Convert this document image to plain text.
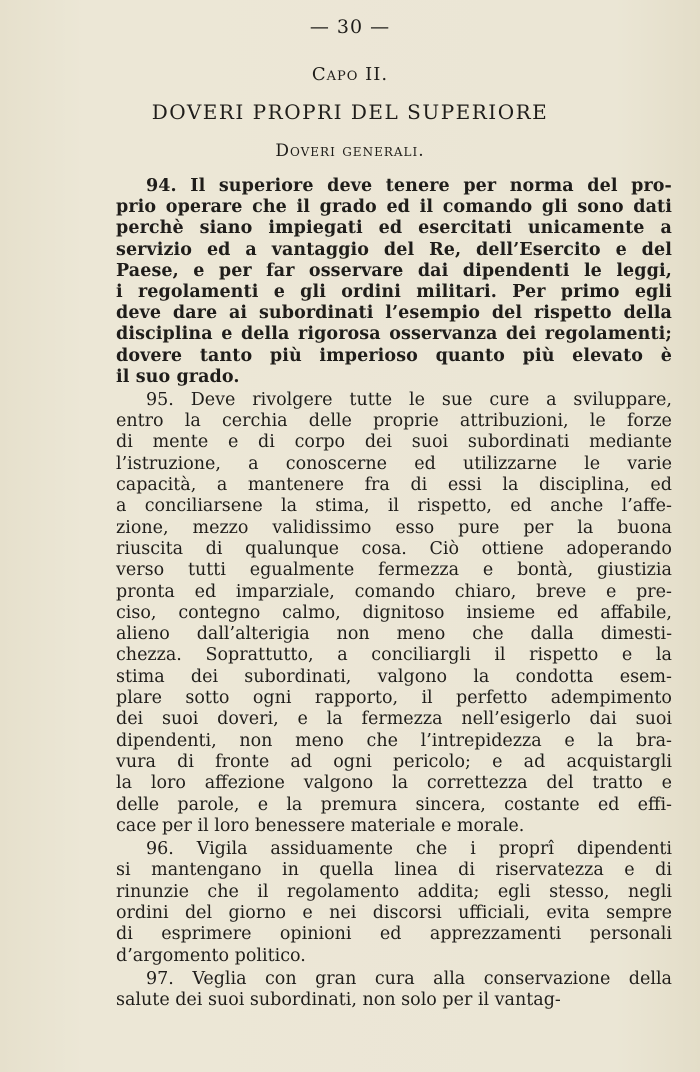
— 30 —
Capo II.
DOVERI PROPRI DEL SUPERIORE
Doveri generali.
94. Il superiore deve tenere per norma del pro-
prio operare che il grado ed il comando gli sono dati
perchè siano impiegati ed esercitati unicamente a
servizio ed a vantaggio del Re, dell’Esercito e del
Paese, e per far osservare dai dipendenti le leggi,
i regolamenti e gli ordini militari. Per primo egli
deve dare ai subordinati l’esempio del rispetto della
disciplina e della rigorosa osservanza dei regolamenti;
dovere tanto più imperioso quanto più elevato è
il suo grado.
95. Deve rivolgere tutte le sue cure a sviluppare,
entro la cerchia delle proprie attribuzioni, le forze
di mente e di corpo dei suoi subordinati mediante
l’istruzione, a conoscerne ed utilizzarne le varie
capacità, a mantenere fra di essi la disciplina, ed
a conciliarsene la stima, il rispetto, ed anche l’affe-
zione, mezzo validissimo esso pure per la buona
riuscita di qualunque cosa. Ciò ottiene adoperando
verso tutti egualmente fermezza e bontà, giustizia
pronta ed imparziale, comando chiaro, breve e pre-
ciso, contegno calmo, dignitoso insieme ed affabile,
alieno dall’alterigia non meno che dalla dimesti-
chezza. Soprattutto, a conciliargli il rispetto e la
stima dei subordinati, valgono la condotta esem-
plare sotto ogni rapporto, il perfetto adempimento
dei suoi doveri, e la fermezza nell’esigerlo dai suoi
dipendenti, non meno che l’intrepidezza e la bra-
vura di fronte ad ogni pericolo; e ad acquistargli
la loro affezione valgono la correttezza del tratto e
delle parole, e la premura sincera, costante ed effi-
cace per il loro benessere materiale e morale.
96. Vigila assiduamente che i proprî dipendenti
si mantengano in quella linea di riservatezza e di
rinunzie che il regolamento addita; egli stesso, negli
ordini del giorno e nei discorsi ufficiali, evita sempre
di esprimere opinioni ed apprezzamenti personali
d’argomento politico.
97. Veglia con gran cura alla conservazione della
salute dei suoi subordinati, non solo per il vantag-
